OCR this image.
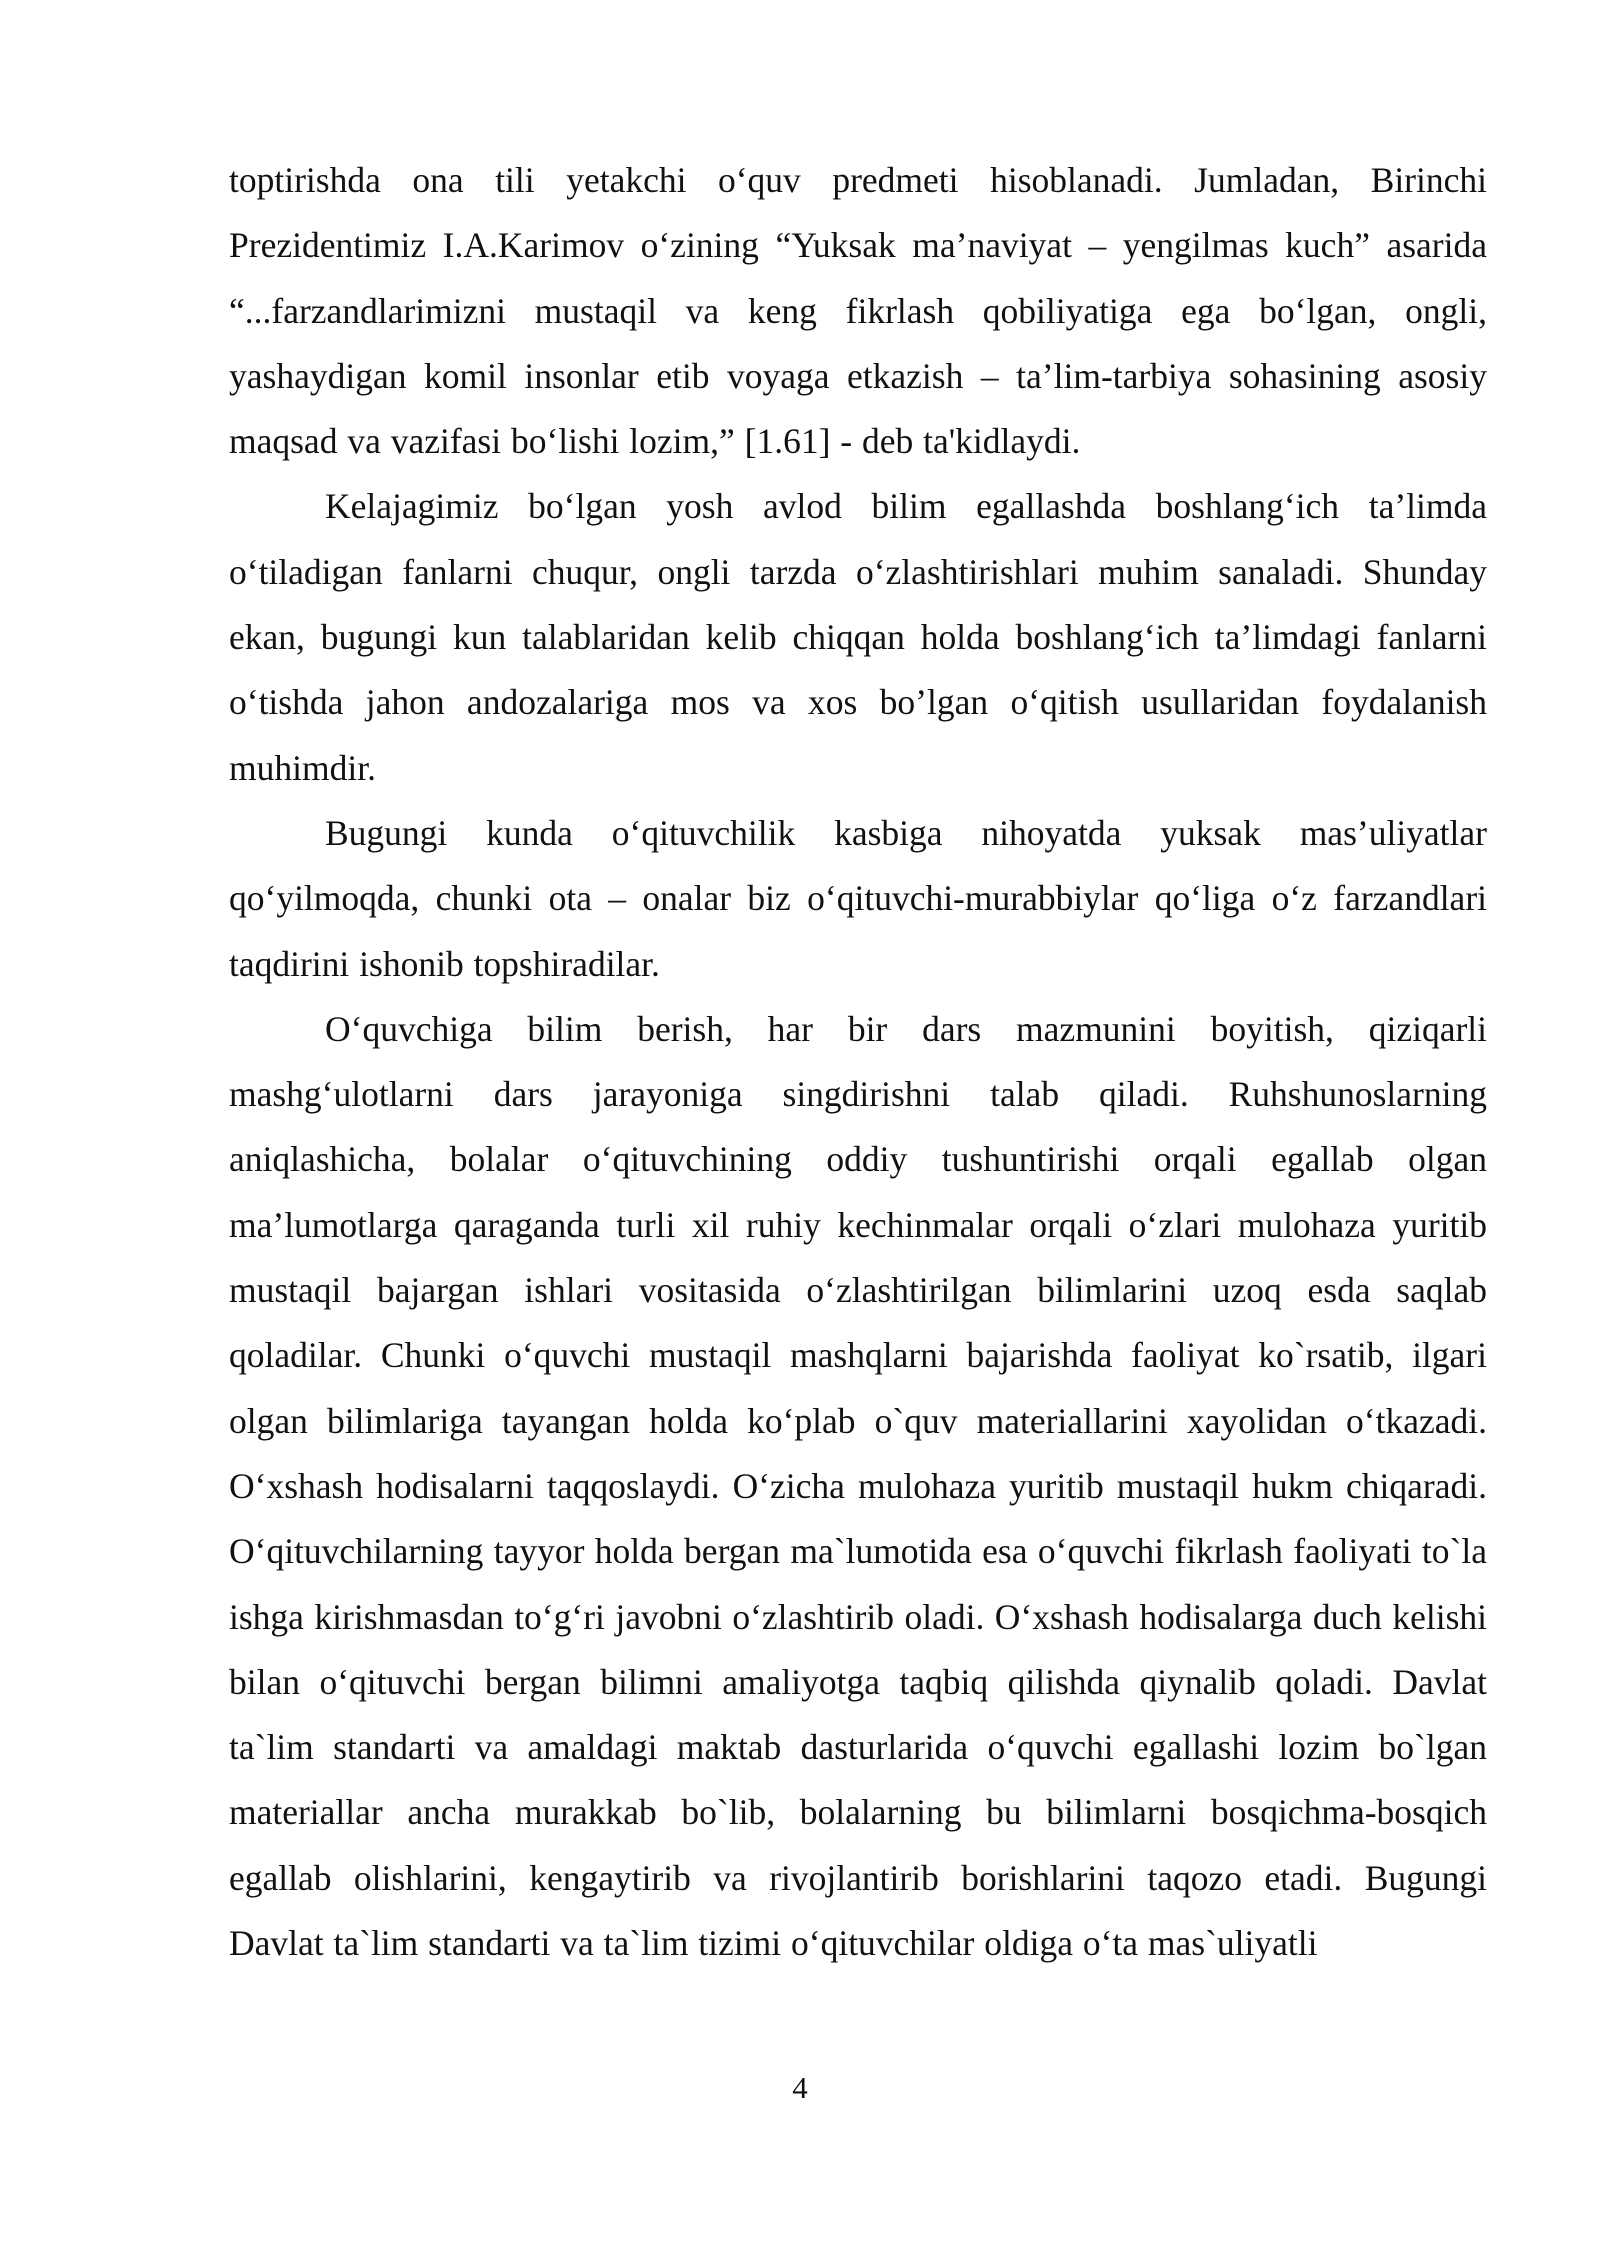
toptirishda ona tili yetakchi o‘quv predmeti hisoblanadi. Jumladan, Birinchi Prezidentimiz I.A.Karimov o‘zining “Yuksak ma’naviyat – yengilmas kuch” asarida “...farzandlarimizni mustaqil va keng fikrlash qobiliyatiga ega bo‘lgan, ongli, yashaydigan komil insonlar etib voyaga etkazish – ta’lim-tarbiya sohasining asosiy maqsad va vazifasi bo‘lishi lozim,” [1.61] - deb ta'kidlaydi.

Kelajagimiz bo‘lgan yosh avlod bilim egallashda boshlang‘ich ta’limda o‘tiladigan fanlarni chuqur, ongli tarzda o‘zlashtirishlari muhim sanaladi. Shunday ekan, bugungi kun talablaridan kelib chiqqan holda boshlang‘ich ta’limdagi fanlarni o‘tishda jahon andozalariga mos va xos bo’lgan o‘qitish usullaridan foydalanish muhimdir.

Bugungi kunda o‘qituvchilik kasbiga nihoyatda yuksak mas’uliyatlar qo‘yilmoqda, chunki ota – onalar biz o‘qituvchi-murabbiylar qo‘liga o‘z farzandlari taqdirini ishonib topshiradilar.

O‘quvchiga bilim berish, har bir dars mazmunini boyitish, qiziqarli mashg‘ulotlarni dars jarayoniga singdirishni talab qiladi. Ruhshunoslarning aniqlashicha, bolalar o‘qituvchining oddiy tushuntirishi orqali egallab olgan ma’lumotlarga qaraganda turli xil ruhiy kechinmalar orqali o‘zlari mulohaza yuritib mustaqil bajargan ishlari vositasida o‘zlashtirilgan bilimlarini uzoq esda saqlab qoladilar. Chunki o‘quvchi mustaqil mashqlarni bajarishda faoliyat ko`rsatib, ilgari olgan bilimlariga tayangan holda ko‘plab o`quv materiallarini xayolidan o‘tkazadi. O‘xshash hodisalarni taqqoslaydi. O‘zicha mulohaza yuritib mustaqil hukm chiqaradi. O‘qituvchilarning tayyor holda bergan ma`lumotida esa o‘quvchi fikrlash faoliyati to`la ishga kirishmasdan to‘g‘ri javobni o‘zlashtirib oladi. O‘xshash hodisalarga duch kelishi bilan o‘qituvchi bergan bilimni amaliyotga taqbiq qilishda qiynalib qoladi. Davlat ta`lim standarti va amaldagi maktab dasturlarida o‘quvchi egallashi lozim bo`lgan materiallar ancha murakkab bo`lib, bolalarning bu bilimlarni bosqichma-bosqich egallab olishlarini, kengaytirib va rivojlantirib borishlarini taqozo etadi. Bugungi Davlat ta`lim standarti va ta`lim tizimi o‘qituvchilar oldiga o‘ta mas`uliyatli

4
